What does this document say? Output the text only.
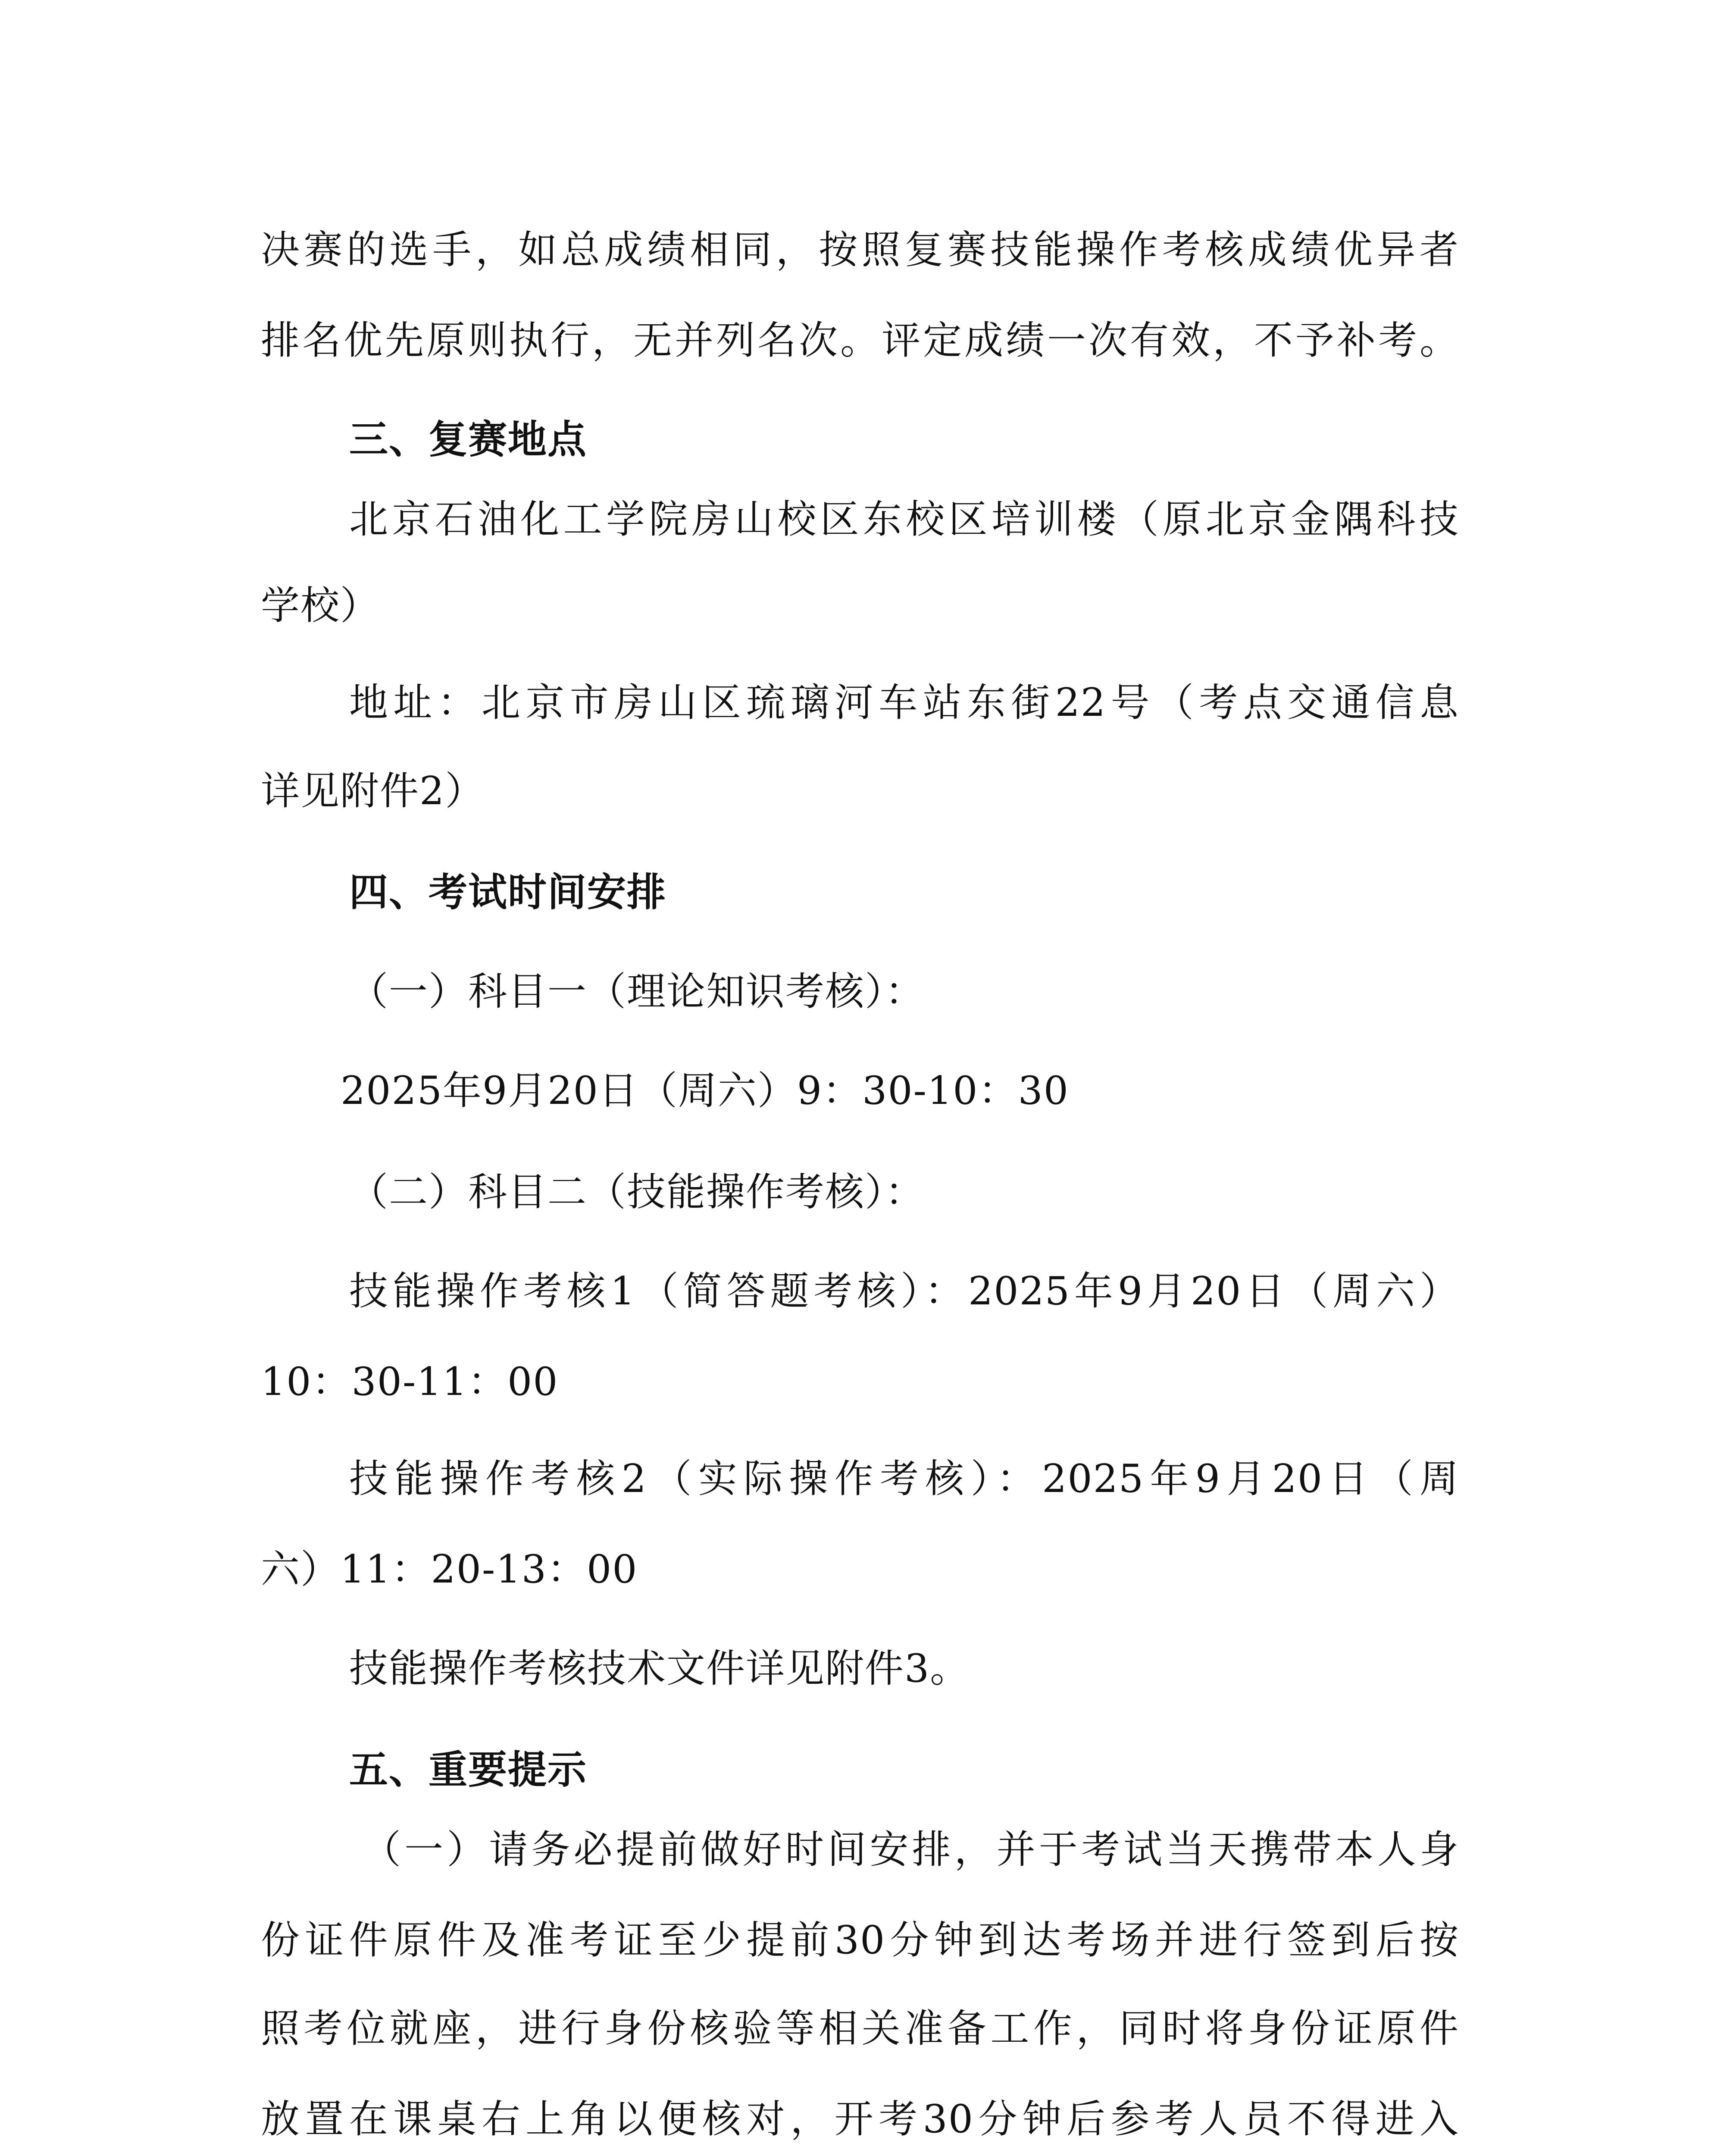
决赛的选手，如总成绩相同，按照复赛技能操作考核成绩优异者
排名优先原则执行，无并列名次。评定成绩一次有效，不予补考。
三、复赛地点
北京石油化工学院房山校区东校区培训楼（原北京金隅科技
学校）
地址：北京市房山区琉璃河车站东街22号（考点交通信息
详见附件2）
四、考试时间安排
（一）科目一（理论知识考核）：
2025年9月20日（周六）9：30-10：30
（二）科目二（技能操作考核）：
技能操作考核1（简答题考核）：2025年9月20日（周六）
10：30-11：00
技能操作考核2（实际操作考核）：2025年9月20日（周
六）11：20-13：00
技能操作考核技术文件详见附件3。
五、重要提示
（一）请务必提前做好时间安排，并于考试当天携带本人身
份证件原件及准考证至少提前30分钟到达考场并进行签到后按
照考位就座，进行身份核验等相关准备工作，同时将身份证原件
放置在课桌右上角以便核对，开考30分钟后参考人员不得进入
